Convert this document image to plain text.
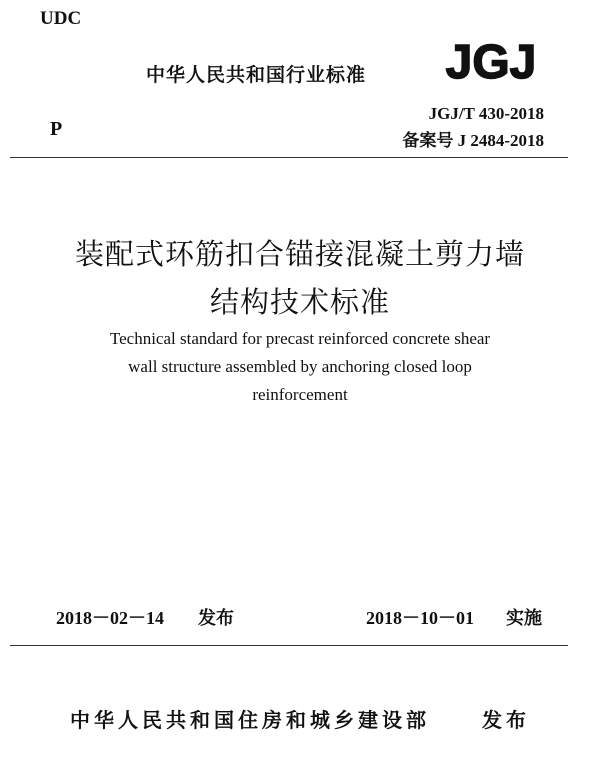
UDC
中华人民共和国行业标准 JGJ
JGJ/T 430-2018
P
备案号 J 2484-2018
装配式环筋扣合锚接混凝土剪力墙
结构技术标准
Technical standard for precast reinforced concrete shear
wall structure assembled by anchoring closed loop
reinforcement
2018－02－14 发布	2018－10－01 实施
中华人民共和国住房和城乡建设部	发布
